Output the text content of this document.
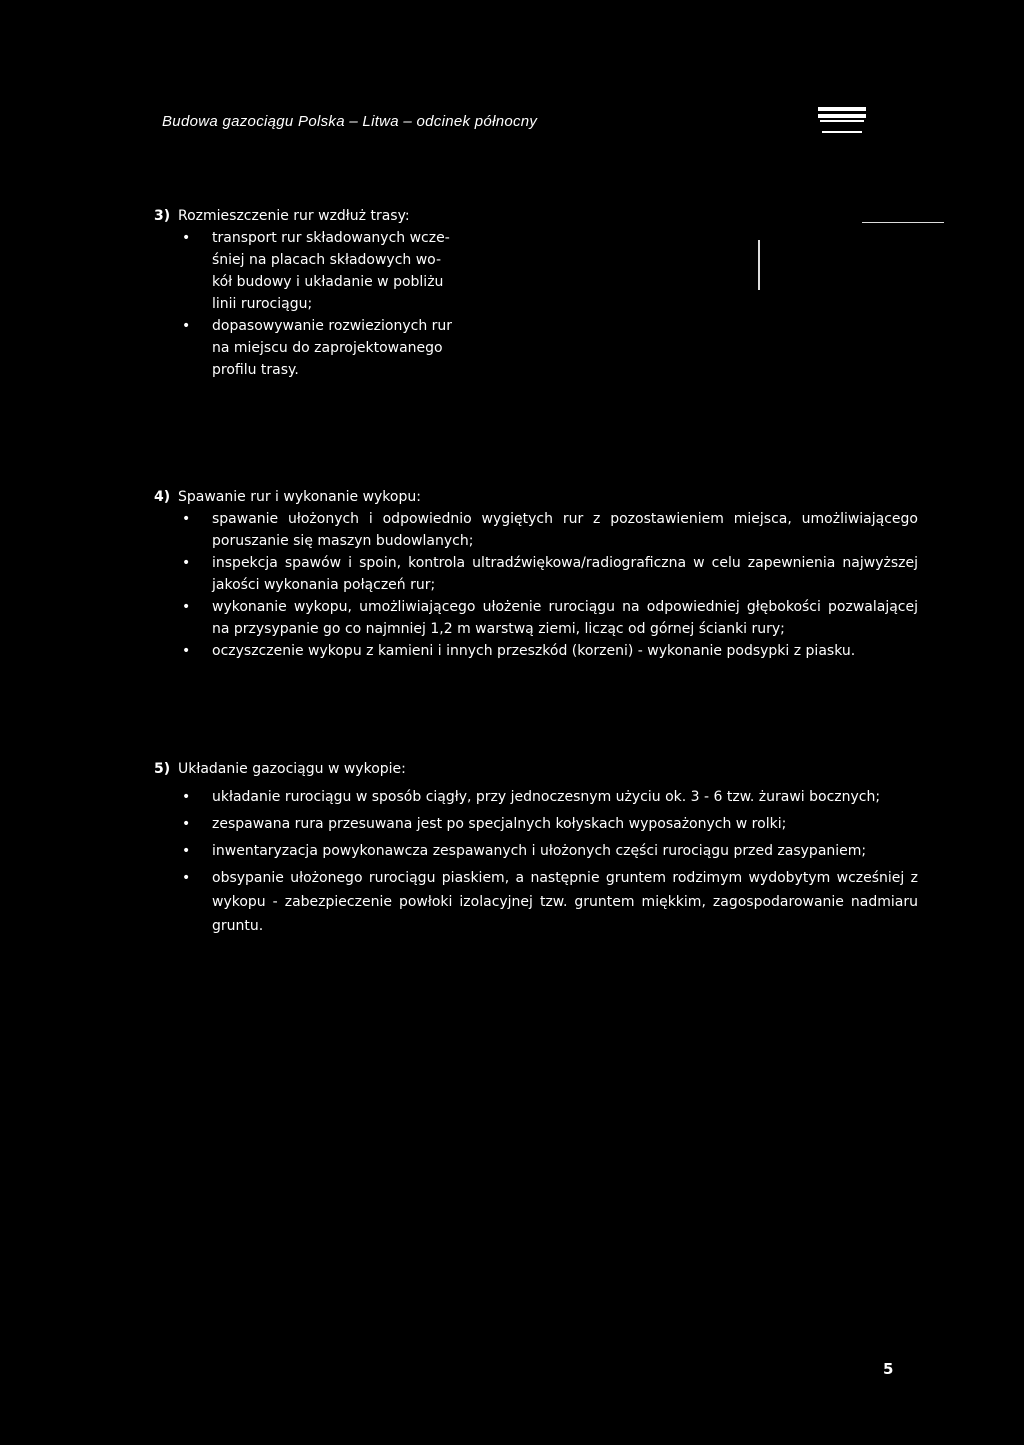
Budowa gazociągu Polska – Litwa – odcinek północny
3) Rozmieszczenie rur wzdłuż trasy:
• transport rur składowanych wcze-
śniej na placach składowych wo-
kół budowy i układanie w pobliżu
linii rurociągu;
• dopasowywanie rozwiezionych rur
na miejscu do zaprojektowanego
profilu trasy.
4) Spawanie rur i wykonanie wykopu:
• spawanie ułożonych i odpowiednio wygiętych rur z pozostawieniem miejsca, umożliwiającego poruszanie się maszyn budowlanych;
• inspekcja spawów i spoin, kontrola ultradźwiękowa/radiograficzna w celu zapewnienia najwyższej jakości wykonania połączeń rur;
• wykonanie wykopu, umożliwiającego ułożenie rurociągu na odpowiedniej głębokości pozwalającej na przysypanie go co najmniej 1,2 m warstwą ziemi, licząc od górnej ścianki rury;
• oczyszczenie wykopu z kamieni i innych przeszkód (korzeni) - wykonanie podsypki z piasku.
5) Układanie gazociągu w wykopie:
• układanie rurociągu w sposób ciągły, przy jednoczesnym użyciu ok. 3 - 6 tzw. żurawi bocznych;
• zespawana rura przesuwana jest po specjalnych kołyskach wyposażonych w rolki;
• inwentaryzacja powykonawcza zespawanych i ułożonych części rurociągu przed zasypaniem;
• obsypanie ułożonego rurociągu piaskiem, a następnie gruntem rodzimym wydobytym wcześniej z wykopu - zabezpieczenie powłoki izolacyjnej tzw. gruntem miękkim, zagospodarowanie nadmiaru gruntu.
5
